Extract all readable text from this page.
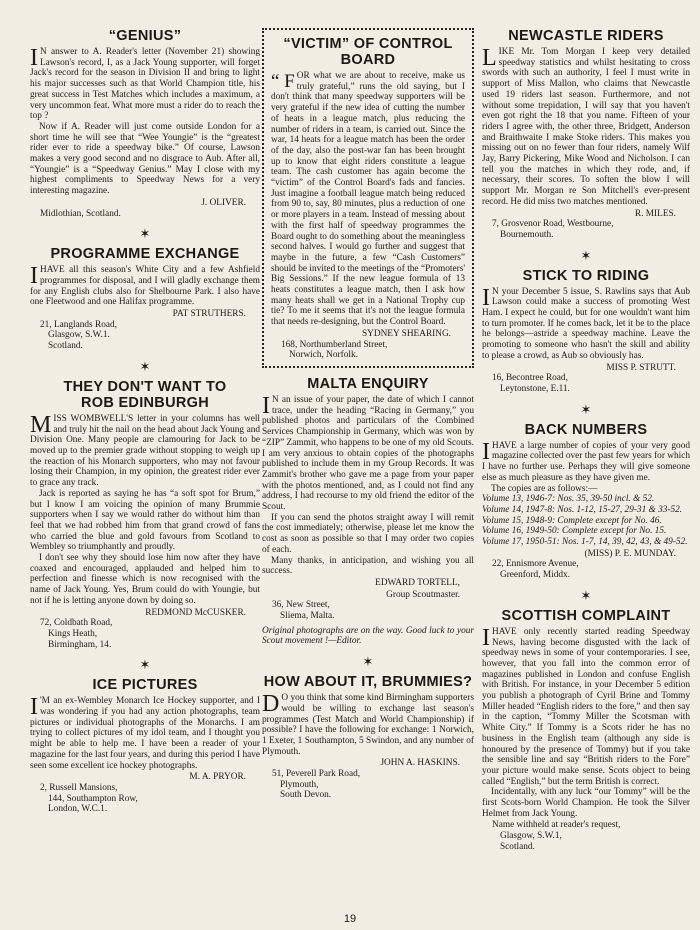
“GENIUS”

I N answer to A. Reader's letter (November 21) showing Lawson's record, I, as a Jack Young supporter, will forget Jack's record for the season in Division II and bring to light his major successes such as that World Champion title, his great success in Test Matches which includes a maximum, a very uncommon feat. What more must a rider do to reach the top ?

Now if A. Reader will just come outside London for a short time he will see that “Wee Youngie” is the “greatest rider ever to ride a speedway bike.” Of course, Lawson makes a very good second and no disgrace to Aub. After all, “Youngie” is a “Speedway Genius.” May I close with my highest compliments to Speedway News for a very interesting magazine.

J. OLIVER.

Midlothian, Scotland.

✶
PROGRAMME EXCHANGE

IHAVE all this season's White City and a few Ashfield programmes for disposal, and I will gladly exchange them for any English clubs also for Shelbourne Park. I also have one Fleetwood and one Halifax programme.

PAT STRUTHERS.

21, Langlands Road,
Glasgow, S.W.1.
Scotland.

✶
THEY DON'T WANT TO
ROB EDINBURGH

MISS WOMBWELL'S letter in your columns has well and truly hit the nail on the head about Jack Young and Division One. Many people are clamouring for Jack to be moved up to the premier grade without stopping to weigh up the reaction of his Monarch supporters, who may not favour losing their Champion, in my opinion, the greatest rider ever to grace any track.

Jack is reported as saying he has “a soft spot for Brum,” but I know I am voicing the opinion of many Brummie supporters when I say we would rather do without him than feel that we had robbed him from that grand crowd of fans who carried the blue and gold favours from Scotland to Wembley so triumphantly and proudly.

I don't see why they should lose him now after they have coaxed and encouraged, applauded and helped him to perfection and finesse which is now recognised with the name of Jack Young. Yes, Brum could do with Youngie, but not if he is letting anyone down by doing so.

REDMOND McCUSKER.

72, Coldbath Road,
Kings Heath,
Birmingham, 14.

✶
ICE PICTURES

I 'M an ex-Wembley Monarch Ice Hockey supporter, and I was wondering if you had any action photographs, team pictures or individual photographs of the Monarchs. I am trying to collect pictures of my idol team, and I thought you might be able to help me. I have been a reader of your magazine for the last four years, and during this period I have seen some excellent ice hockey photographs.

M. A. PRYOR.

2, Russell Mansions,
144, Southampton Row,
London, W.C.1.

“VICTIM” OF CONTROL
BOARD

“ F OR what we are about to receive, make us truly grateful,” runs the old saying, but I don't think that many speedway supporters will be very grateful if the new idea of cutting the number of heats in a league match, plus reducing the number of riders in a team, is carried out. Since the war, 14 heats for a league match has been the order of the day, also the post-war fan has been brought up to know that eight riders constitute a league team. The cash customer has again become the “victim” of the Control Board's fads and fancies. Just imagine a football league match being reduced from 90 to, say, 80 minutes, plus a reduction of one or more players in a team. Instead of messing about with the first half of speedway programmes the Board ought to do something about the meaningless second halves. I would go further and suggest that maybe in the future, a few “Cash Customers” should be invited to the meetings of the “Promoters' Big Sessions.” If the new league formula of 13 heats constitutes a league match, then I ask how many heats shall we get in a National Trophy cup tie? To me it seems that it's not the league formula that needs re-designing, but the Control Board.

SYDNEY SHEARING.

168, Northumberland Street,
Norwich, Norfolk.

MALTA ENQUIRY

I N an issue of your paper, the date of which I cannot trace, under the heading “Racing in Germany,” you published photos and particulars of the Combined Services Championship in Germany, which was won by “ZIP” Zammit, who happens to be one of my old Scouts. I am very anxious to obtain copies of the photographs published to include them in my Group Records. It was Zammit's brother who gave me a page from your paper with the photos mentioned, and, as I could not find any address, I had recourse to my old friend the editor of the Scout.

If you can send the photos straight away I will remit the cost immediately; otherwise, please let me know the cost as soon as possible so that I may order two copies of each.

Many thanks, in anticipation, and wishing you all success.

EDWARD TORTELL,

Group Scoutmaster.

36, New Street,
Sliema, Malta.

Original photographs are on the way. Good luck to your Scout movement !—Editor.

✶
HOW ABOUT IT, BRUMMIES?

D O you think that some kind Birmingham supporters would be willing to exchange last season's programmes (Test Match and World Championship) if possible? I have the following for exchange: 1 Norwich, 1 Exeter, 1 Southampton, 5 Swindon, and any number of Plymouth.

JOHN A. HASKINS.

51, Peverell Park Road,
Plymouth,
South Devon.

NEWCASTLE RIDERS

LIKE Mr. Tom Morgan I keep very detailed speedway statistics and whilst hesitating to cross swords with such an authority, I feel I must write in support of Miss Mallon, who claims that Newcastle used 19 riders last season. Furthermore, and not without some trepidation, I will say that you haven't even got right the 18 that you name. Fifteen of your riders I agree with, the other three, Bridgett, Anderson and Braithwaite I make Stoke riders. This makes you missing out on no fewer than four riders, namely Wilf Jay, Barry Pickering, Mike Wood and Nicholson. I can tell you the matches in which they rode, and, if necessary, their scores. To soften the blow I will support Mr. Morgan re Son Mitchell's ever-present record. He did miss two matches mentioned.

R. MILES.

7, Grosvenor Road, Westbourne,
Bournemouth.

✶
STICK TO RIDING

I N your December 5 issue, S. Rawlins says that Aub Lawson could make a success of promoting West Ham. I expect he could, but for one wouldn't want him to turn promoter. If he comes back, let it be to the place he belongs—astride a speedway machine. Leave the promoting to someone who hasn't the skill and ability to please a crowd, as Aub so obviously has.

MISS P. STRUTT.

16, Becontree Road,
Leytonstone, E.11.

✶
BACK NUMBERS

IHAVE a large number of copies of your very good magazine collected over the past few years for which I have no further use. Perhaps they will give someone else as much pleasure as they have given me.

The copies are as follows:—

Volume 13, 1946-7: Nos. 35, 39-50 incl. & 52.

Volume 14, 1947-8: Nos. 1-12, 15-27, 29-31 & 33-52.

Volume 15, 1948-9: Complete except for No. 46.

Volume 16, 1949-50: Complete except for No. 15.

Volume 17, 1950-51: Nos. 1-7, 14, 39, 42, 43, & 49-52.

(MISS) P. E. MUNDAY.

22, Ennismore Avenue,
Greenford, Middx.

✶
SCOTTISH COMPLAINT

IHAVE only recently started reading Speedway News, having become disgusted with the lack of speedway news in some of your contemporaries. I see, however, that you fall into the common error of magazines published in London and confuse English with British. For instance, in your December 5 edition you publish a photograph of Cyril Brine and Tommy Miller headed “English riders to the fore,” and then say in the caption, “Tommy Miller the Scotsman with White City.” If Tommy is a Scots rider he has no business in the English team (although any side is honoured by the presence of Tommy) but if you take the sensible line and say “British riders to the Fore” your picture would make sense. Scots object to being called “English,” but the term British is correct.

Incidentally, with any luck “our Tommy” will be the first Scots-born World Champion. He took the Silver Helmet from Jack Young.

Name withheld at reader's request,
Glasgow, S.W.1,
Scotland.

19
